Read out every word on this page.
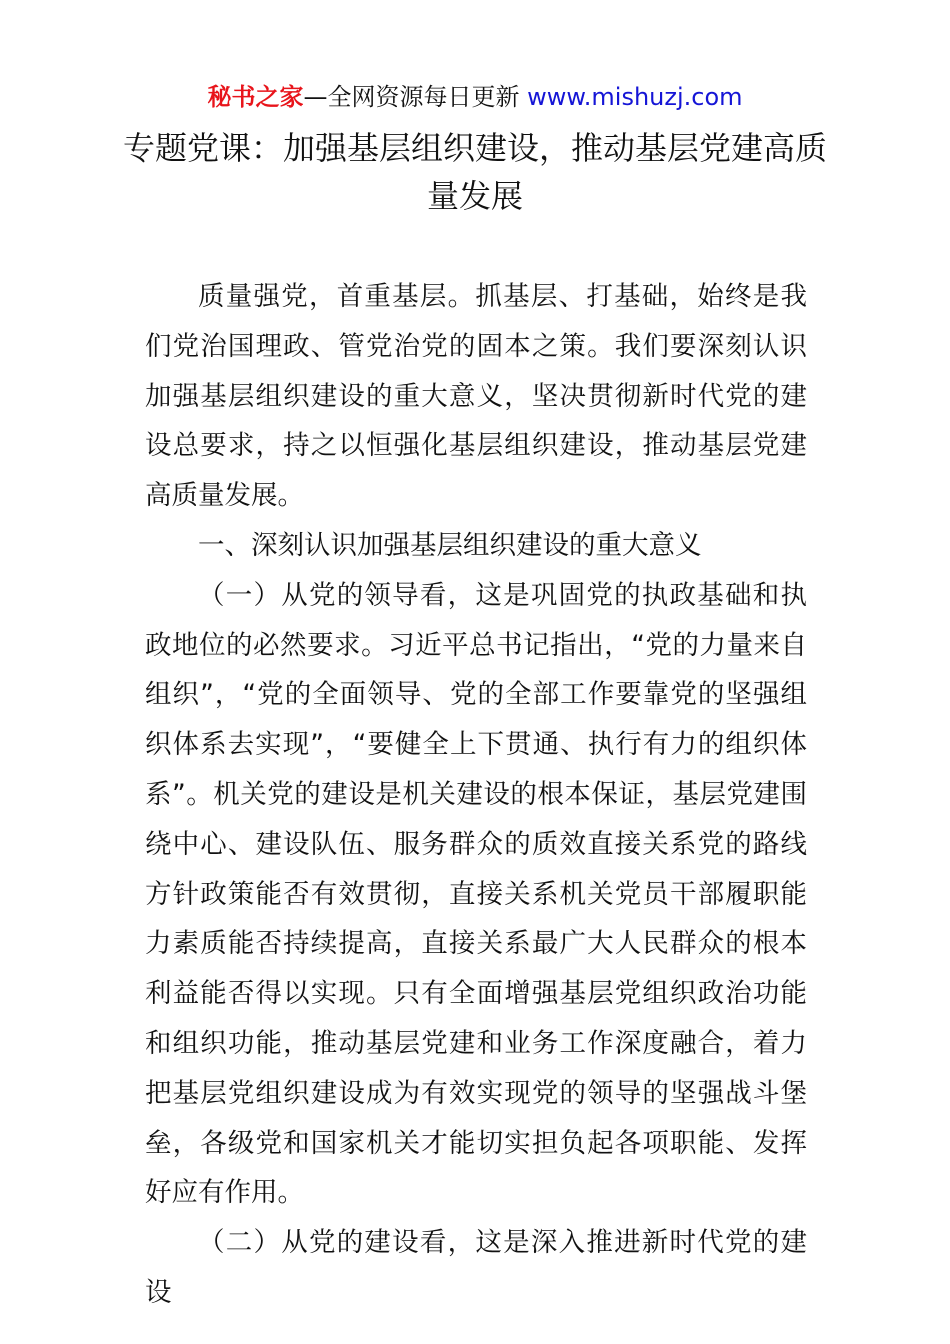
秘书之家—全网资源每日更新 www.mishuzj.com
专题党课：加强基层组织建设，推动基层党建高质量发展

质量强党，首重基层。抓基层、打基础，始终是我们党治国理政、管党治党的固本之策。我们要深刻认识加强基层组织建设的重大意义，坚决贯彻新时代党的建设总要求，持之以恒强化基层组织建设，推动基层党建高质量发展。

一、深刻认识加强基层组织建设的重大意义

（一）从党的领导看，这是巩固党的执政基础和执政地位的必然要求。习近平总书记指出，“党的力量来自组织”，“党的全面领导、党的全部工作要靠党的坚强组织体系去实现”，“要健全上下贯通、执行有力的组织体系”。机关党的建设是机关建设的根本保证，基层党建围绕中心、建设队伍、服务群众的质效直接关系党的路线方针政策能否有效贯彻，直接关系机关党员干部履职能力素质能否持续提高，直接关系最广大人民群众的根本利益能否得以实现。只有全面增强基层党组织政治功能和组织功能，推动基层党建和业务工作深度融合，着力把基层党组织建设成为有效实现党的领导的坚强战斗堡垒，各级党和国家机关才能切实担负起各项职能、发挥好应有作用。

（二）从党的建设看，这是深入推进新时代党的建设
